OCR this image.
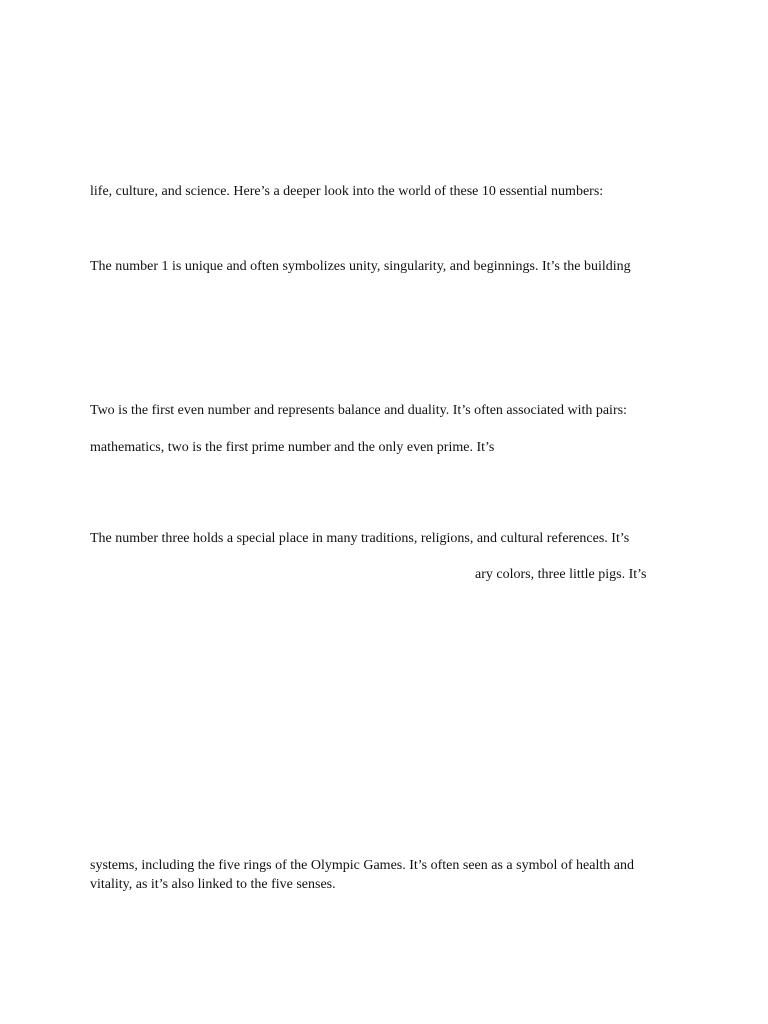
life, culture, and science. Here’s a deeper look into the world of these 10 essential numbers:
The number 1 is unique and often symbolizes unity, singularity, and beginnings. It’s the building
Two is the first even number and represents balance and duality. It’s often associated with pairs:
mathematics, two is the first prime number and the only even prime. It’s
The number three holds a special place in many traditions, religions, and cultural references. It’s
ary colors, three little pigs. It’s
systems, including the five rings of the Olympic Games. It’s often seen as a symbol of health and
vitality, as it’s also linked to the five senses.
